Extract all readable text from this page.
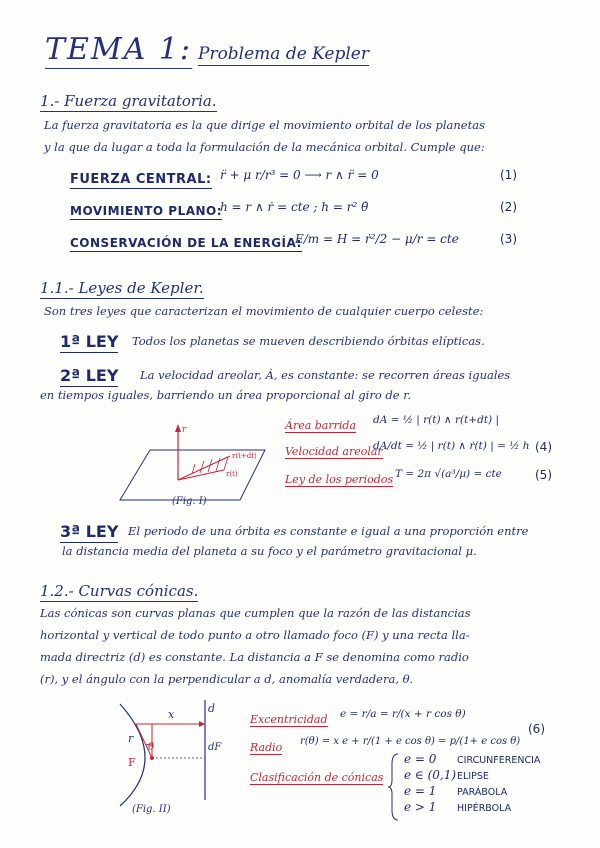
TEMA 1: Problema de Kepler
1.- Fuerza gravitatoria.
La fuerza gravitatoria es la que dirige el movimiento orbital de los planetas
y la que da lugar a toda la formulación de la mecánica orbital. Cumple que:
FUERZA CENTRAL: r̈ + μ r/r³ = 0 ⟶ r ∧ r̈ = 0	(1)
MOVIMIENTO PLANO:
h = r ∧ ṙ = cte ; h = r² θ̇	(2)
CONSERVACIÓN DE LA ENERGÍA:
E/m = H = ṙ²/2 − μ/r = cte	(3)
1.1.- Leyes de Kepler.
Son tres leyes que caracterizan el movimiento de cualquier cuerpo celeste:
1ª LEY Todos los planetas se mueven describiendo órbitas elípticas.
2ª LEY La velocidad areolar, Ȧ, es constante: se recorren áreas iguales
en tiempos iguales, barriendo un área proporcional al giro de r.
r
r(t+dt)
r(t)
(Fig. I)
Área barrida dA = ½ | r(t) ∧ r(t+dt) |
Velocidad areolar
dA/dt = ½ | r(t) ∧ ṙ(t) | = ½ h (4)
Ley de los periodos T = 2π √(a³/μ) = cte	(5)
3ª LEY El periodo de una órbita es constante e igual a una proporción entre
la distancia media del planeta a su foco y el parámetro gravitacional μ.
1.2.- Curvas cónicas.
Las cónicas son curvas planas que cumplen que la razón de las distancias
horizontal y vertical de todo punto a otro llamado foco (F) y una recta lla-
mada directriz (d) es constante. La distancia a F se denomina como radio
(r), y el ángulo con la perpendicular a d, anomalía verdadera, θ.
x
r
θ
F
d
dF
(Fig. II)
Excentricidad e = r/a = r/(x + r cos θ)
Radio r(θ) = x e + r/(1 + e cos θ) = p/(1+ e cos θ)
(6)
Clasificación de cónicas
e = 0 CIRCUNFERENCIA
e ∈ (0,1) ELIPSE
e = 1 PARÁBOLA
e > 1 HIPÉRBOLA
